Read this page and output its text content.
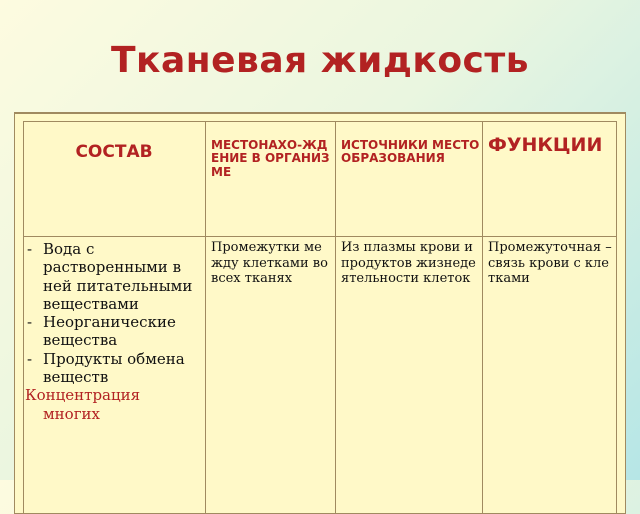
Тканевая жидкость
СОСТАВ	МЕСТОНАХО-ЖДЕНИЕ В ОРГАНИЗМЕ
ИСТОЧНИКИ МЕСТО ОБРАЗОВАНИЯ
ФУНКЦИИ
- Вода с растворенными в ней питательными веществами
- Неорганические вещества
- Продукты обмена веществ
Концентрация
многих
Промежутки между клетками во всех тканях
Из плазмы крови и продуктов жизнедеятельности клеток
Промежуточная – связь крови с клетками
